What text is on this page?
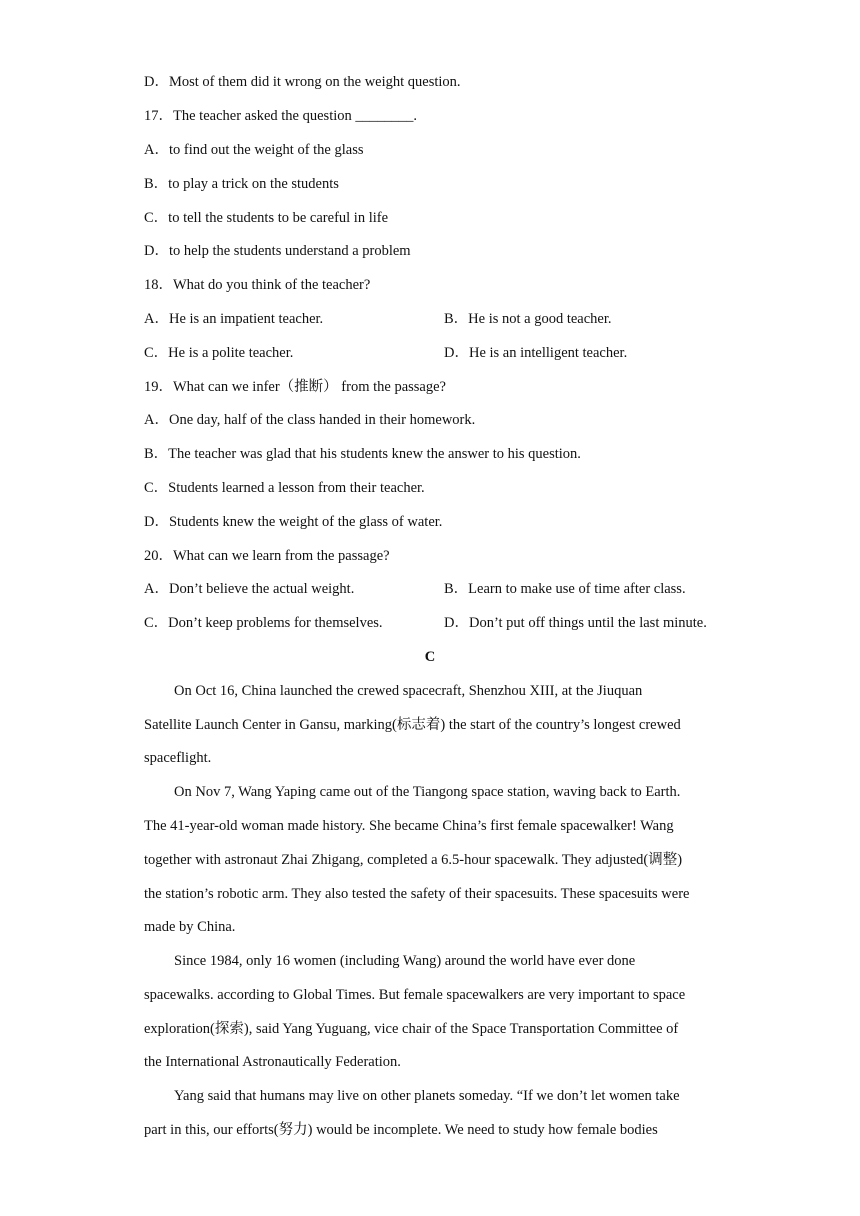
D．Most of them did it wrong on the weight question.
17．The teacher asked the question ________.
A．to find out the weight of the glass
B．to play a trick on the students
C．to tell the students to be careful in life
D．to help the students understand a problem
18．What do you think of the teacher?
A．He is an impatient teacher.	B．He is not a good teacher.
C．He is a polite teacher.	D．He is an intelligent teacher.
19．What can we infer（推断） from the passage?
A．One day, half of the class handed in their homework.
B．The teacher was glad that his students knew the answer to his question.
C．Students learned a lesson from their teacher.
D．Students knew the weight of the glass of water.
20．What can we learn from the passage?
A．Don’t believe the actual weight.	B．Learn to make use of time after class.
C．Don’t keep problems for themselves.	D．Don’t put off things until the last minute.
C
On Oct 16, China launched the crewed spacecraft, Shenzhou XIII, at the Jiuquan
Satellite Launch Center in Gansu, marking(标志着) the start of the country’s longest crewed
spaceflight.
On Nov 7, Wang Yaping came out of the Tiangong space station, waving back to Earth.
The 41-year-old woman made history. She became China’s first female spacewalker! Wang
together with astronaut Zhai Zhigang, completed a 6.5-hour spacewalk. They adjusted(调整)
the station’s robotic arm. They also tested the safety of their spacesuits. These spacesuits were
made by China.
Since 1984, only 16 women (including Wang) around the world have ever done
spacewalks. according to Global Times. But female spacewalkers are very important to space
exploration(探索), said Yang Yuguang, vice chair of the Space Transportation Committee of
the International Astronautically Federation.
Yang said that humans may live on other planets someday. “If we don’t let women take
part in this, our efforts(努力) would be incomplete. We need to study how female bodies
